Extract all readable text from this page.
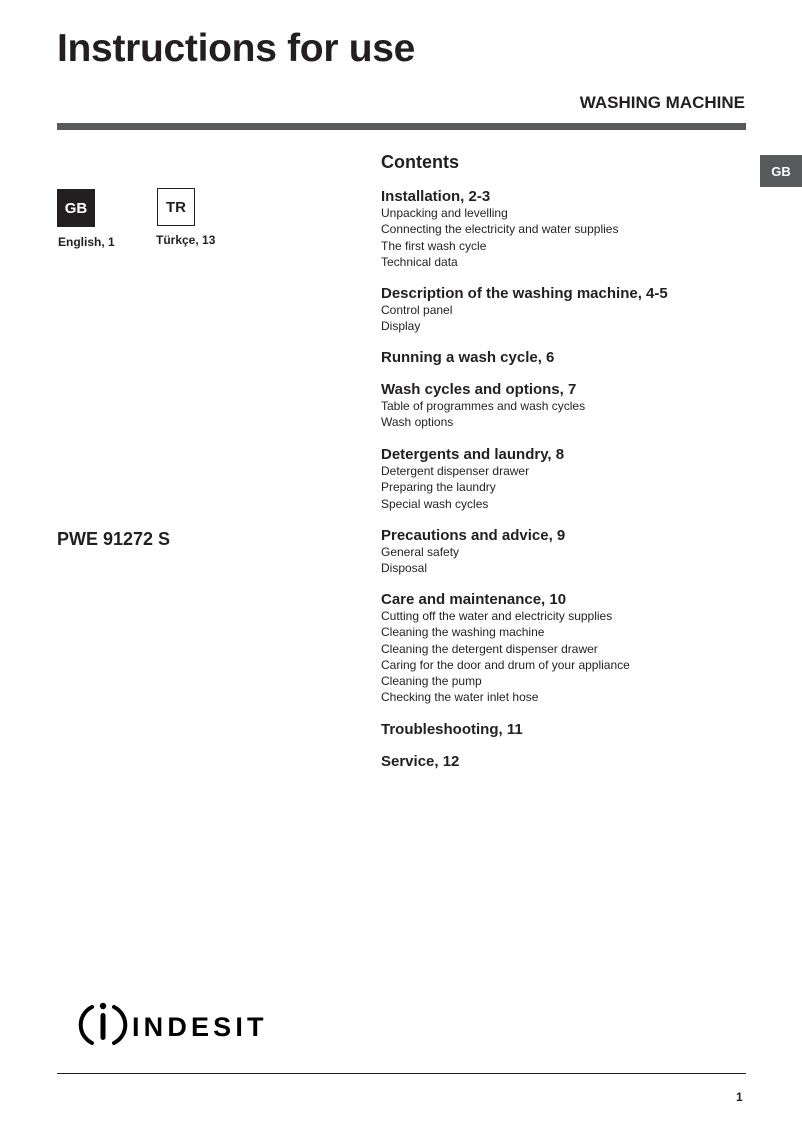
Instructions for use
WASHING MACHINE
GB
GB
English, 1
TR
Türkçe, 13
PWE 91272 S
Contents
Installation, 2-3
Unpacking and levelling
Connecting the electricity and water supplies
The first wash cycle
Technical data
Description of the washing machine, 4-5
Control panel
Display
Running a wash cycle, 6
Wash cycles and options, 7
Table of programmes and wash cycles
Wash options
Detergents and laundry, 8
Detergent dispenser drawer
Preparing the laundry
Special wash cycles
Precautions and advice, 9
General safety
Disposal
Care and maintenance, 10
Cutting off the water and electricity supplies
Cleaning the washing machine
Cleaning the detergent dispenser drawer
Caring for the door and drum of your appliance
Cleaning the pump
Checking the water inlet hose
Troubleshooting, 11
Service, 12
INDESIT
1
